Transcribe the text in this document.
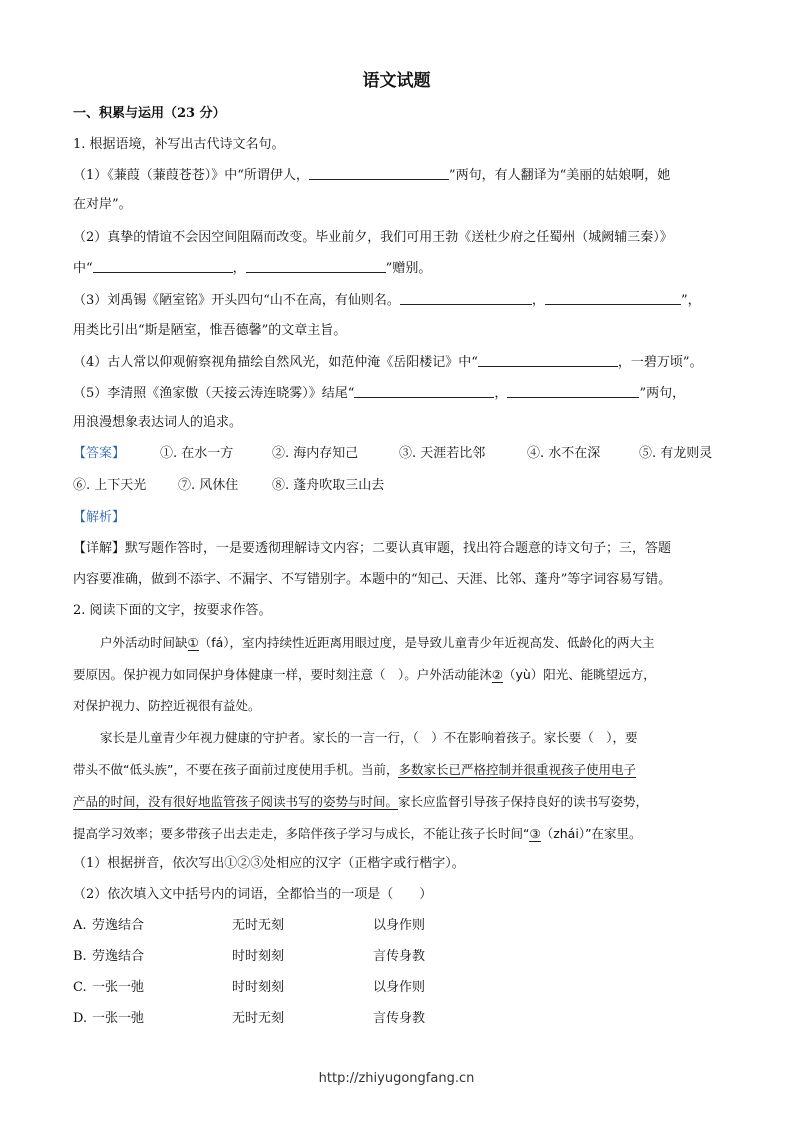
语文试题
一、积累与运用（23 分）
1. 根据语境，补写出古代诗文名句。
（1）《蒹葭（蒹葭苍苍）》中“所谓伊人，	”两句，有人翻译为“美丽的姑娘啊，她
在对岸”。
（2）真挚的情谊不会因空间阻隔而改变。毕业前夕，我们可用王勃《送杜少府之任蜀州（城阙辅三秦）》
中“	，	”赠别。
（3）刘禹锡《陋室铭》开头四句“山不在高，有仙则名。	，	”，
用类比引出“斯是陋室，惟吾德馨”的文章主旨。
（4）古人常以仰观俯察视角描绘自然风光，如范仲淹《岳阳楼记》中“	，一碧万顷”。
（5）李清照《渔家傲（天接云涛连晓雾）》结尾“	，	”两句，
用浪漫想象表达词人的追求。
【答案】	①. 在水一方	②. 海内存知己	③. 天涯若比邻	④. 水不在深	⑤. 有龙则灵
⑥. 上下天光 ⑦. 风休住	⑧. 蓬舟吹取三山去
【解析】
【详解】默写题作答时，一是要透彻理解诗文内容；二要认真审题，找出符合题意的诗文句子；三，答题
内容要准确，做到不添字、不漏字、不写错别字。本题中的“知己、天涯、比邻、蓬舟”等字词容易写错。
2. 阅读下面的文字，按要求作答。
户外活动时间缺①（fá），室内持续性近距离用眼过度，是导致儿童青少年近视高发、低龄化的两大主
要原因。保护视力如同保护身体健康一样，要时刻注意（　）。户外活动能沐②（yù）阳光、能眺望远方，
对保护视力、防控近视很有益处。
家长是儿童青少年视力健康的守护者。家长的一言一行，（　）不在影响着孩子。家长要（　），要
带头不做“低头族”，不要在孩子面前过度使用手机。当前，多数家长已严格控制并很重视孩子使用电子
产品的时间，没有很好地监管孩子阅读书写的姿势与时间。家长应监督引导孩子保持良好的读书写姿势，
提高学习效率；要多带孩子出去走走，多陪伴孩子学习与成长，不能让孩子长时间“③（zhái）”在家里。
（1）根据拼音，依次写出①②③处相应的汉字（正楷字或行楷字）。
（2）依次填入文中括号内的词语，全都恰当的一项是（　　）
A. 劳逸结合	无时无刻	以身作则
B. 劳逸结合	时时刻刻	言传身教
C. 一张一弛	时时刻刻	以身作则
D. 一张一弛	无时无刻	言传身教
http://zhiyugongfang.cn
